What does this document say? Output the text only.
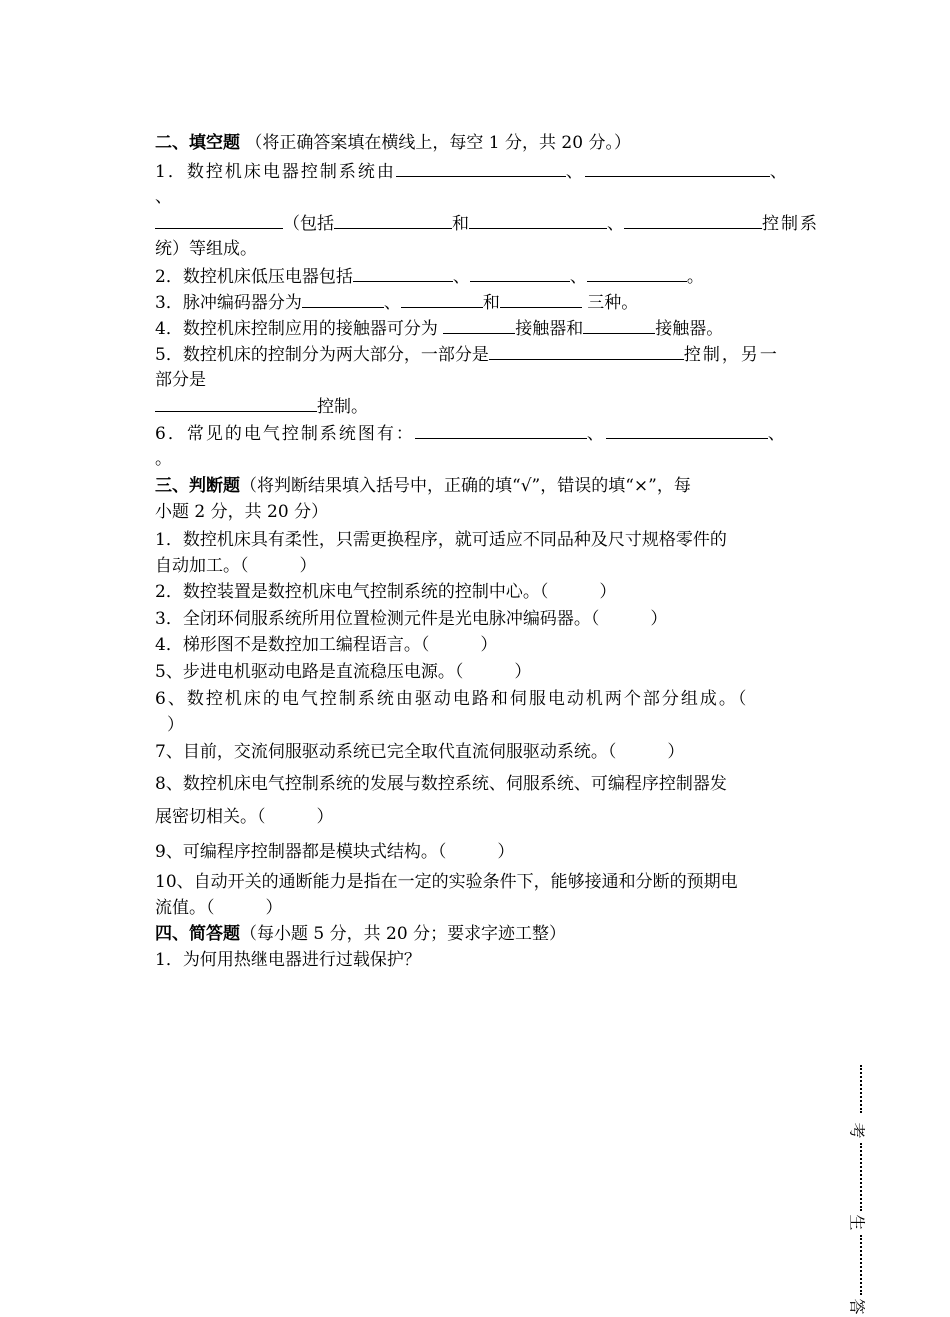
二、填空题 （将正确答案填在横线上，每空 1 分，共 20 分。）
1．数控机床电器控制系统由	、	、
、
（包括	和	、	控制系
统）等组成。
2．数控机床低压电器包括	、	、	。
3．脉冲编码器分为	、	和	三种。
4．数控机床控制应用的接触器可分为	接触器和	接触器。
5．数控机床的控制分为两大部分，一部分是	控制，另一
部分是
控制。
6．常见的电气控制系统图有：	、	、
。
三、判断题（将判断结果填入括号中，正确的填“√”，错误的填“×”，每
小题 2 分，共 20 分）
1．数控机床具有柔性，只需更换程序，就可适应不同品种及尺寸规格零件的
自动加工。（　　　）
2．数控装置是数控机床电气控制系统的控制中心。（　　　）
3．全闭环伺服系统所用位置检测元件是光电脉冲编码器。（　　　）
4．梯形图不是数控加工编程语言。（　　　）
5、步进电机驱动电路是直流稳压电源。（　　　）
6、数控机床的电气控制系统由驱动电路和伺服电动机两个部分组成。（
）
7、目前，交流伺服驱动系统已完全取代直流伺服驱动系统。（　　　）
8、数控机床电气控制系统的发展与数控系统、伺服系统、可编程序控制器发
展密切相关。（　　　）
9、可编程序控制器都是模块式结构。（　　　）
10、自动开关的通断能力是指在一定的实验条件下，能够接通和分断的预期电
流值。（　　　）
四、简答题（每小题 5 分，共 20 分；要求字迹工整）
1．为何用热继电器进行过载保护？
考
生
答
